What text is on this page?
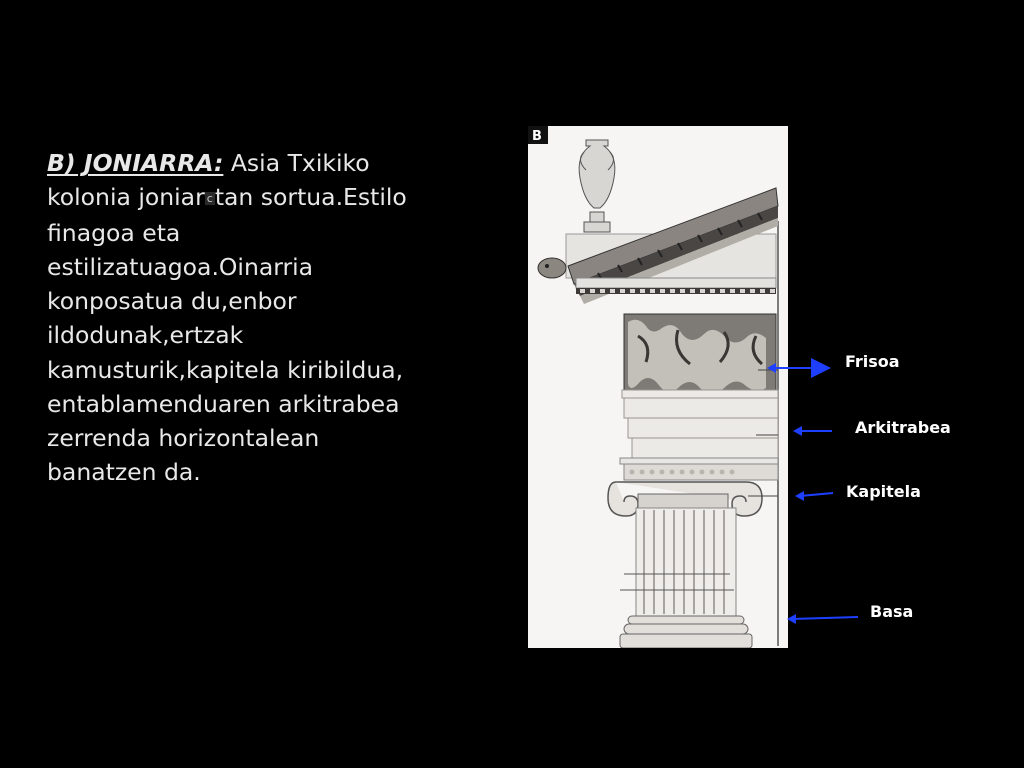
B) JONIARRA: Asia Txikiko kolonia joniar ctan sortua.Estilo finagoa eta estilizatuagoa.Oinarria konposatua du,enbor ildodunak,ertzak kamusturik,kapitela kiribildua, entablamenduaren arkitrabea zerrenda horizontalean banatzen da.
B
Frisoa
Arkitrabea
Kapitela
Basa
